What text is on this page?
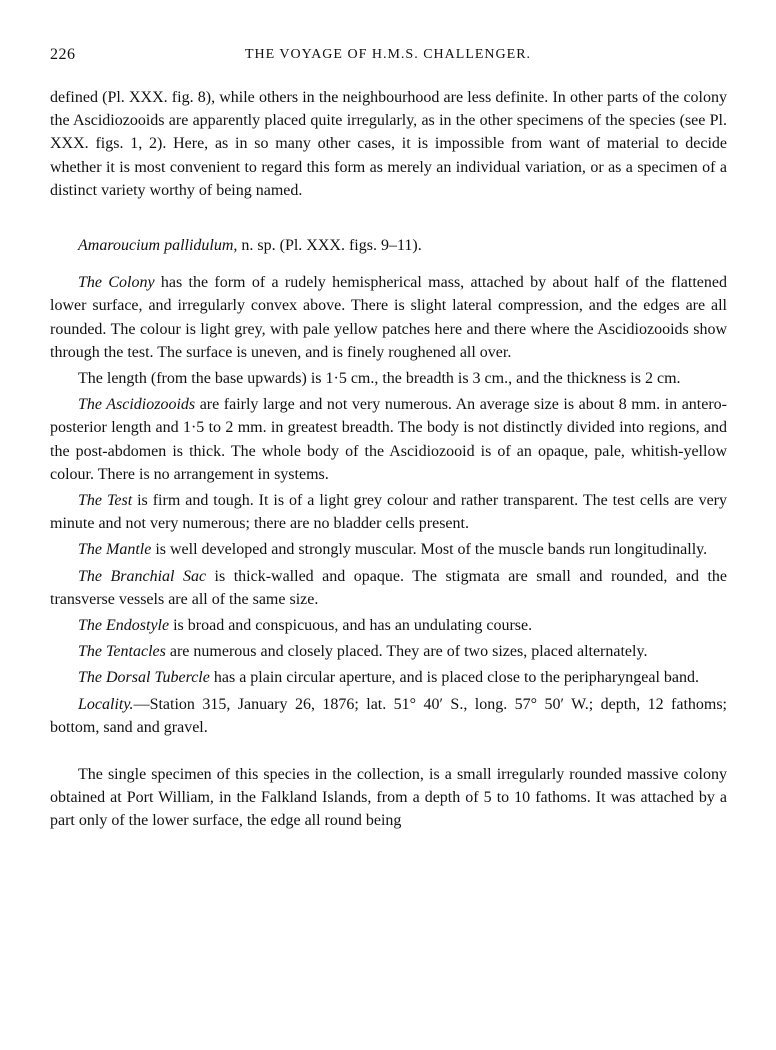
226	THE VOYAGE OF H.M.S. CHALLENGER.

defined (Pl. XXX. fig. 8), while others in the neighbourhood are less definite. In other parts of the colony the Ascidiozooids are apparently placed quite irregularly, as in the other specimens of the species (see Pl. XXX. figs. 1, 2). Here, as in so many other cases, it is impossible from want of material to decide whether it is most convenient to regard this form as merely an individual variation, or as a specimen of a distinct variety worthy of being named.

Amaroucium pallidulum, n. sp. (Pl. XXX. figs. 9–11).

The Colony has the form of a rudely hemispherical mass, attached by about half of the flattened lower surface, and irregularly convex above. There is slight lateral compression, and the edges are all rounded. The colour is light grey, with pale yellow patches here and there where the Ascidiozooids show through the test. The surface is uneven, and is finely roughened all over.

The length (from the base upwards) is 1·5 cm., the breadth is 3 cm., and the thickness is 2 cm.

The Ascidiozooids are fairly large and not very numerous. An average size is about 8 mm. in antero-posterior length and 1·5 to 2 mm. in greatest breadth. The body is not distinctly divided into regions, and the post-abdomen is thick. The whole body of the Ascidiozooid is of an opaque, pale, whitish-yellow colour. There is no arrangement in systems.

The Test is firm and tough. It is of a light grey colour and rather transparent. The test cells are very minute and not very numerous; there are no bladder cells present.

The Mantle is well developed and strongly muscular. Most of the muscle bands run longitudinally.

The Branchial Sac is thick-walled and opaque. The stigmata are small and rounded, and the transverse vessels are all of the same size.

The Endostyle is broad and conspicuous, and has an undulating course.

The Tentacles are numerous and closely placed. They are of two sizes, placed alternately.

The Dorsal Tubercle has a plain circular aperture, and is placed close to the peripharyngeal band.

Locality.—Station 315, January 26, 1876; lat. 51° 40′ S., long. 57° 50′ W.; depth, 12 fathoms; bottom, sand and gravel.

The single specimen of this species in the collection, is a small irregularly rounded massive colony obtained at Port William, in the Falkland Islands, from a depth of 5 to 10 fathoms. It was attached by a part only of the lower surface, the edge all round being
